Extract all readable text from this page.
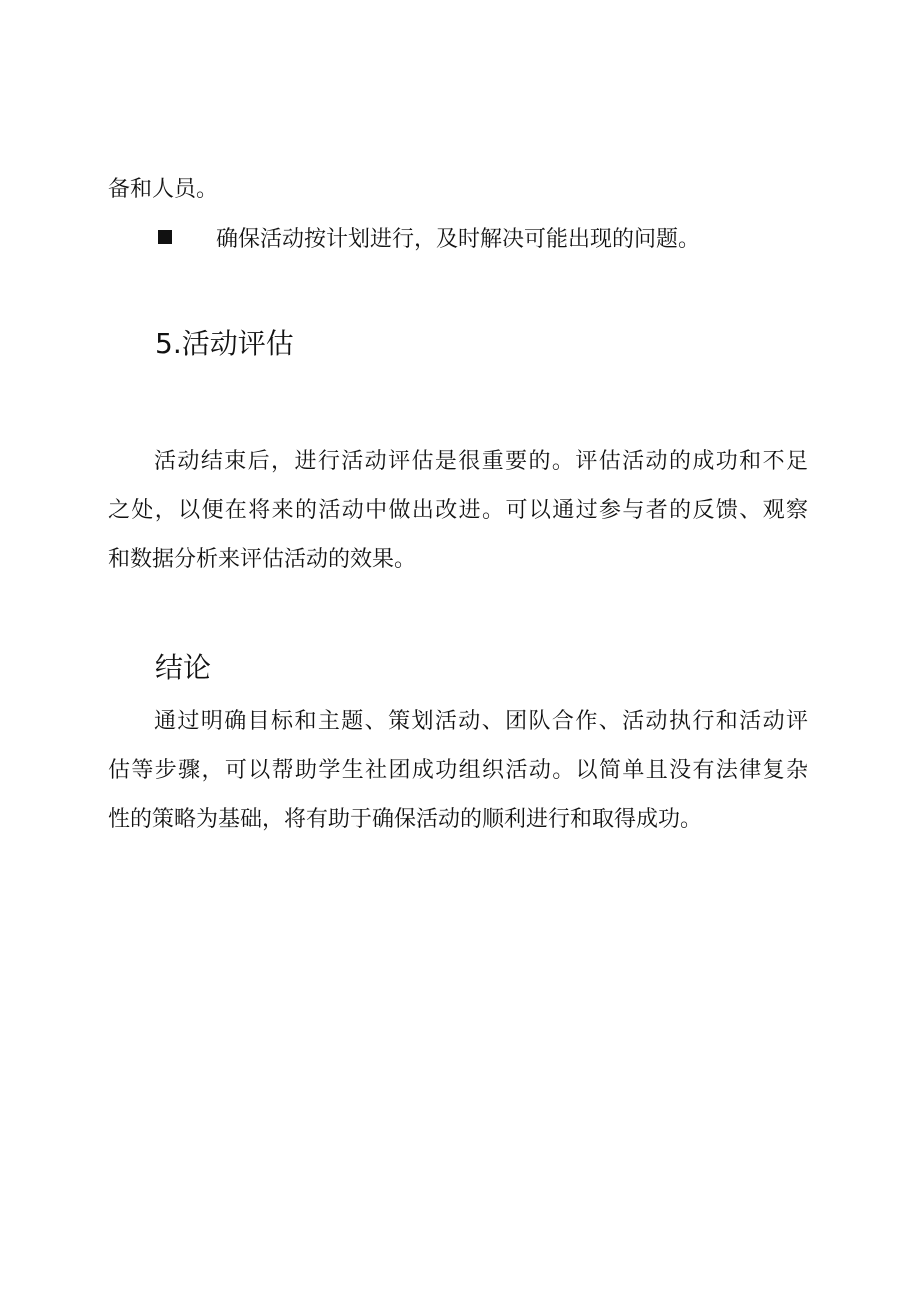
备和人员。
确保活动按计划进行，及时解决可能出现的问题。
5.活动评估
活动结束后，进行活动评估是很重要的。评估活动的成功和不足
之处，以便在将来的活动中做出改进。可以通过参与者的反馈、观察
和数据分析来评估活动的效果。
结论
通过明确目标和主题、策划活动、团队合作、活动执行和活动评
估等步骤，可以帮助学生社团成功组织活动。以简单且没有法律复杂
性的策略为基础，将有助于确保活动的顺利进行和取得成功。
